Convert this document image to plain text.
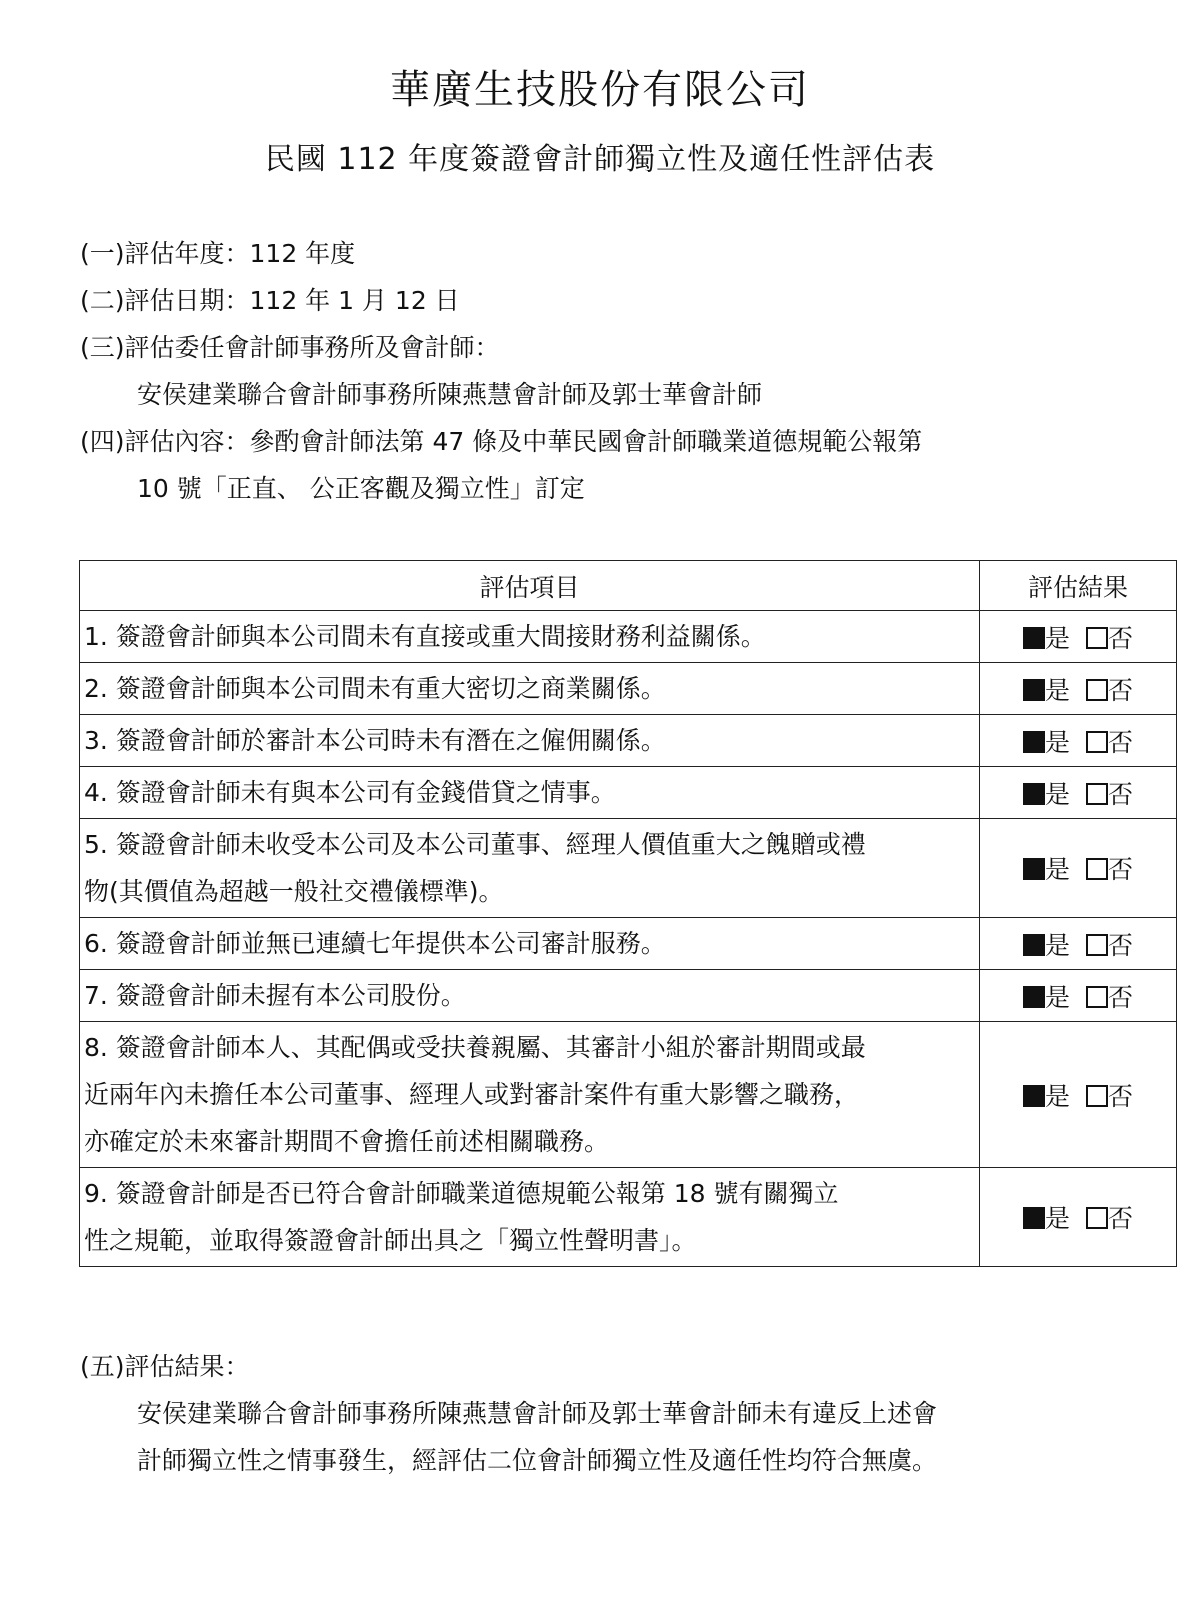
華廣生技股份有限公司
民國 112 年度簽證會計師獨立性及適任性評估表
(一)評估年度：112 年度
(二)評估日期：112 年 1 月 12 日
(三)評估委任會計師事務所及會計師：
安侯建業聯合會計師事務所陳燕慧會計師及郭士華會計師
(四)評估內容：參酌會計師法第 47 條及中華民國會計師職業道德規範公報第
10 號「正直、 公正客觀及獨立性」訂定
評估項目	評估結果

1. 簽證會計師與本公司間未有直接或重大間接財務利益關係。	是 否

2. 簽證會計師與本公司間未有重大密切之商業關係。	是 否

3. 簽證會計師於審計本公司時未有潛在之僱佣關係。	是 否

4. 簽證會計師未有與本公司有金錢借貸之情事。	是 否

5. 簽證會計師未收受本公司及本公司董事、經理人價值重大之餽贈或禮
物(其價值為超越一般社交禮儀標準)。	是 否

6. 簽證會計師並無已連續七年提供本公司審計服務。	是 否

7. 簽證會計師未握有本公司股份。	是 否

8. 簽證會計師本人、其配偶或受扶養親屬、其審計小組於審計期間或最
近兩年內未擔任本公司董事、經理人或對審計案件有重大影響之職務，
亦確定於未來審計期間不會擔任前述相關職務。	是 否

9. 簽證會計師是否已符合會計師職業道德規範公報第 18 號有關獨立
性之規範，並取得簽證會計師出具之「獨立性聲明書」。	是 否
(五)評估結果：
安侯建業聯合會計師事務所陳燕慧會計師及郭士華會計師未有違反上述會
計師獨立性之情事發生，經評估二位會計師獨立性及適任性均符合無虞。
